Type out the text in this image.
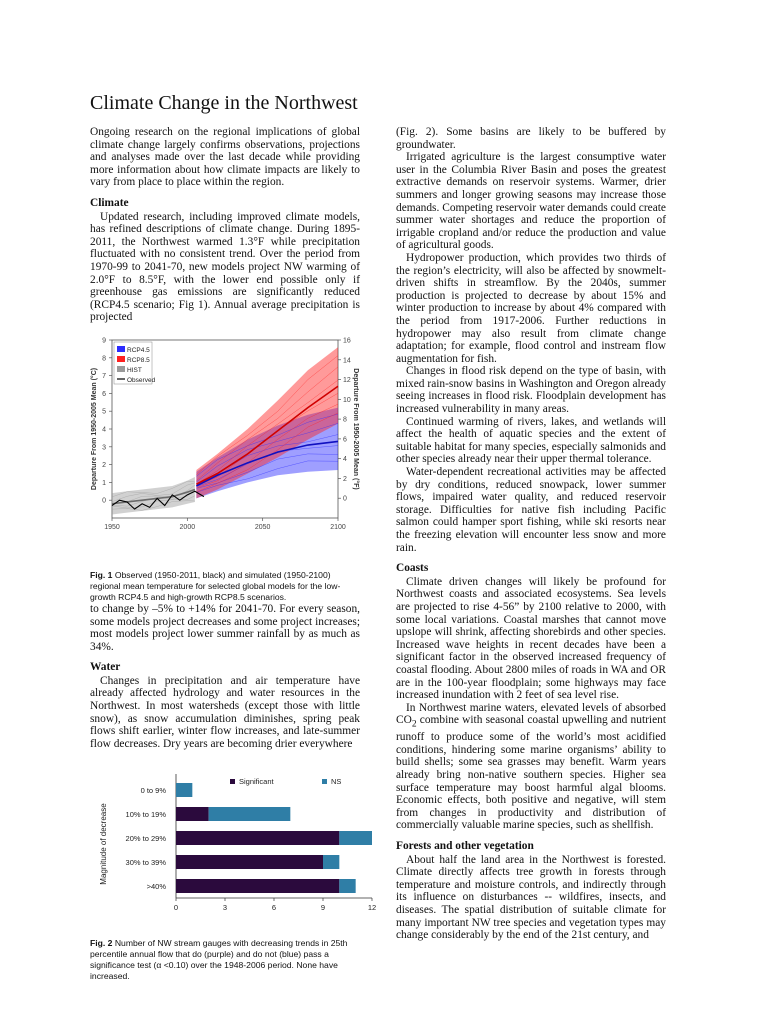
Climate Change in the Northwest

Ongoing research on the regional implications of global climate change largely confirms observations, projections and analyses made over the last decade while providing more information about how climate impacts are likely to vary from place to place within the region.

Climate

Updated research, including improved climate models, has refined descriptions of climate change. During 1895-2011, the Northwest warmed 1.3°F while precipitation fluctuated with no consistent trend. Over the period from 1970-99 to 2041-70, new models project NW warming of 2.0°F to 8.5°F, with the lower end possible only if greenhouse gas emissions are significantly reduced (RCP4.5 scenario; Fig 1). Annual average precipitation is projected

0
1
2
3
4
5
6
7
8
9
0
2
4
6
8
10
12
14
16
1950	2000	2050	2100
Departure From 1950-2005 Mean (°C)	Departure From 1950-2005 Mean (°F)
RCP4.5
RCP8.5
HIST
Observed

Fig. 1 Observed (1950-2011, black) and simulated (1950-2100) regional mean temperature for selected global models for the low-growth RCP4.5 and high-growth RCP8.5 scenarios.

to change by –5% to +14% for 2041-70. For every season, some models project decreases and some project increases; most models project lower summer rainfall by as much as 34%.

Water

Changes in precipitation and air temperature have already affected hydrology and water resources in the Northwest. In most watersheds (except those with little snow), as snow accumulation diminishes, spring peak flows shift earlier, winter flow increases, and late-summer flow decreases. Dry years are becoming drier everywhere

0 to 9%
10% to 19%
20% to 29%
30% to 39%
>40%
0	3	6	9	12
Magnitude of decrease
Significant	NS

Fig. 2 Number of NW stream gauges with decreasing trends in 25th percentile annual flow that do (purple) and do not (blue) pass a significance test (α <0.10) over the 1948-2006 period. None have increased.

(Fig. 2). Some basins are likely to be buffered by groundwater.

Irrigated agriculture is the largest consumptive water user in the Columbia River Basin and poses the greatest extractive demands on reservoir systems. Warmer, drier summers and longer growing seasons may increase those demands. Competing reservoir water demands could create summer water shortages and reduce the proportion of irrigable cropland and/or reduce the production and value of agricultural goods.

Hydropower production, which provides two thirds of the region’s electricity, will also be affected by snowmelt-driven shifts in streamflow. By the 2040s, summer production is projected to decrease by about 15% and winter production to increase by about 4% compared with the period from 1917-2006. Further reductions in hydropower may also result from climate change adaptation; for example, flood control and instream flow augmentation for fish.

Changes in flood risk depend on the type of basin, with mixed rain-snow basins in Washington and Oregon already seeing increases in flood risk. Floodplain development has increased vulnerability in many areas.

Continued warming of rivers, lakes, and wetlands will affect the health of aquatic species and the extent of suitable habitat for many species, especially salmonids and other species already near their upper thermal tolerance.

Water-dependent recreational activities may be affected by dry conditions, reduced snowpack, lower summer flows, impaired water quality, and reduced reservoir storage. Difficulties for native fish including Pacific salmon could hamper sport fishing, while ski resorts near the freezing elevation will encounter less snow and more rain.

Coasts

Climate driven changes will likely be profound for Northwest coasts and associated ecosystems. Sea levels are projected to rise 4-56” by 2100 relative to 2000, with some local variations. Coastal marshes that cannot move upslope will shrink, affecting shorebirds and other species. Increased wave heights in recent decades have been a significant factor in the observed increased frequency of coastal flooding. About 2800 miles of roads in WA and OR are in the 100-year floodplain; some highways may face increased inundation with 2 feet of sea level rise.

In Northwest marine waters, elevated levels of absorbed $CO_2$ combine with seasonal coastal upwelling and nutrient runoff to produce some of the world’s most acidified conditions, hindering some marine organisms’ ability to build shells; some sea grasses may benefit. Warm years already bring non-native southern species. Higher sea surface temperature may boost harmful algal blooms. Economic effects, both positive and negative, will stem from changes in productivity and distribution of commercially valuable marine species, such as shellfish.

Forests and other vegetation

About half the land area in the Northwest is forested. Climate directly affects tree growth in forests through temperature and moisture controls, and indirectly through its influence on disturbances -- wildfires, insects, and diseases. The spatial distribution of suitable climate for many important NW tree species and vegetation types may change considerably by the end of the 21st century, and
